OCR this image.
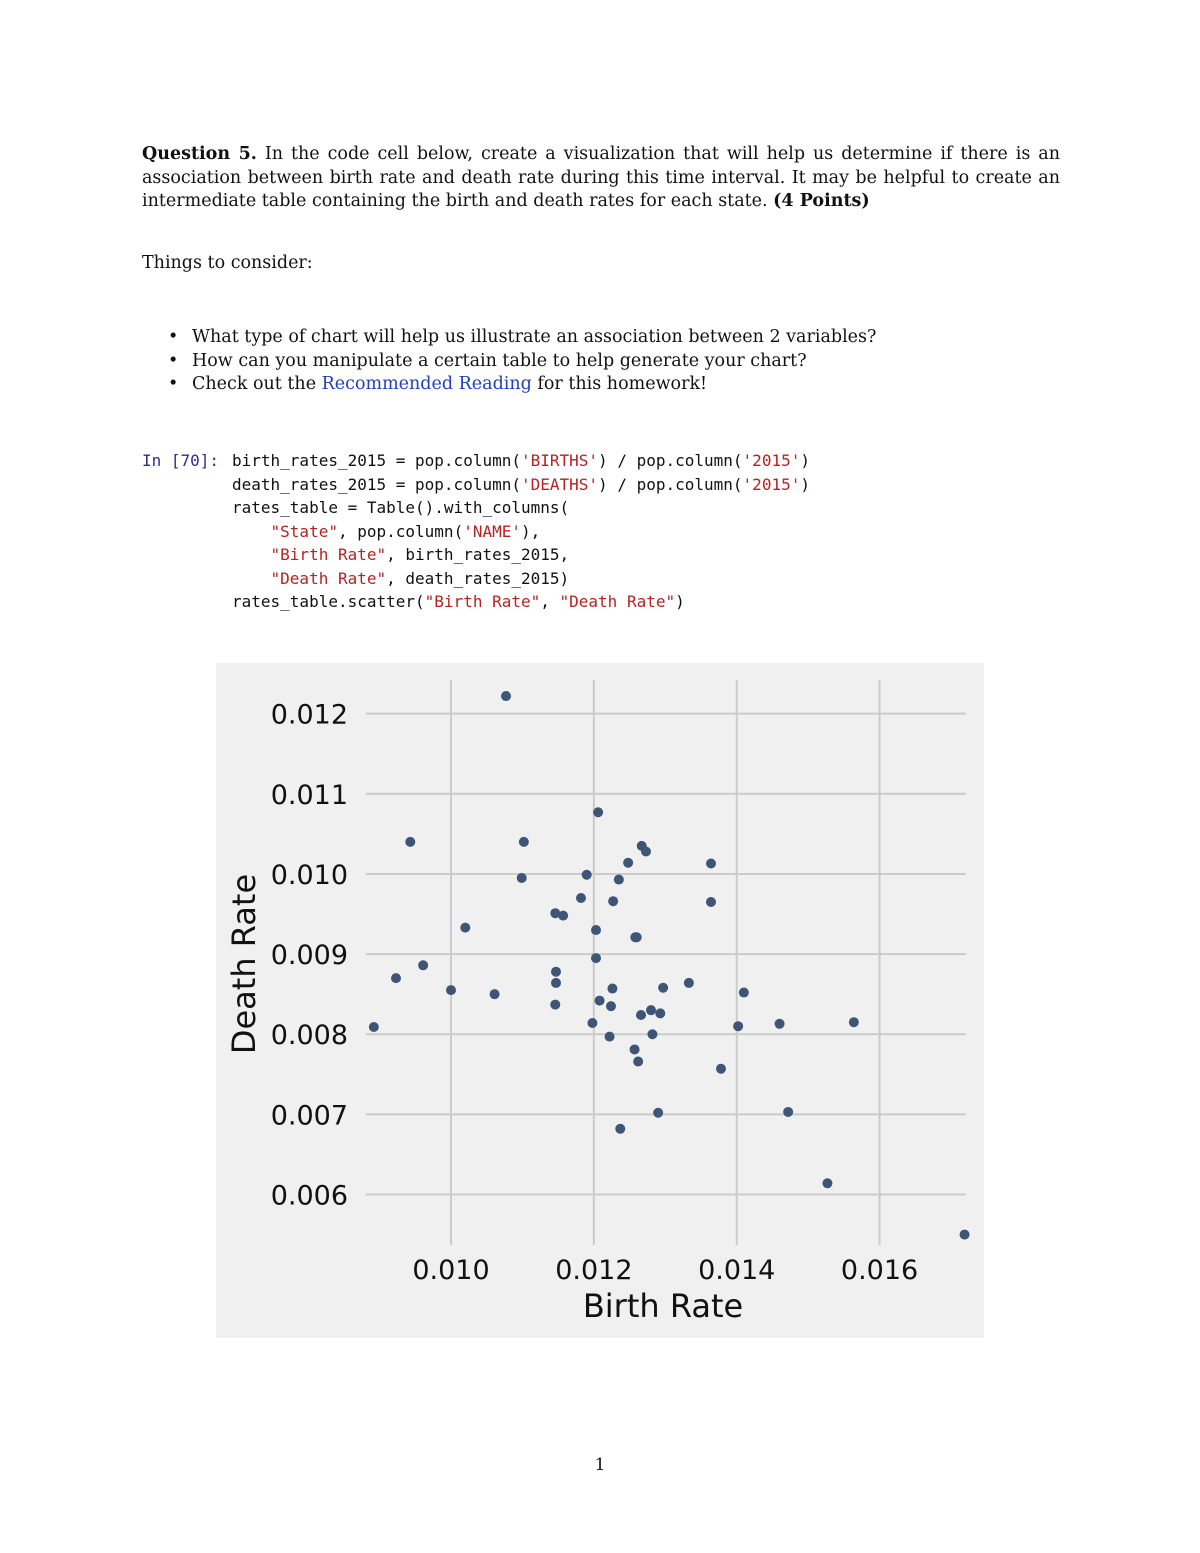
Question 5. In the code cell below, create a visualization that will help us determine if there is an association between birth rate and death rate during this time interval. It may be helpful to create an intermediate table containing the birth and death rates for each state. (4 Points)
Things to consider:
• What type of chart will help us illustrate an association between 2 variables?
• How can you manipulate a certain table to help generate your chart?
• Check out the Recommended Reading for this homework!
In [70]: birth_rates_2015 = pop.column('BIRTHS') / pop.column('2015')
death_rates_2015 = pop.column('DEATHS') / pop.column('2015')
rates_table = Table().with_columns(
"State", pop.column('NAME'),
"Birth Rate", birth_rates_2015,
"Death Rate", death_rates_2015)
rates_table.scatter("Birth Rate", "Death Rate")
0.010 0.012 0.014 0.016
0.006
0.007
0.008
0.009
0.010
0.011
0.012
Birth Rate
Death Rate
1
